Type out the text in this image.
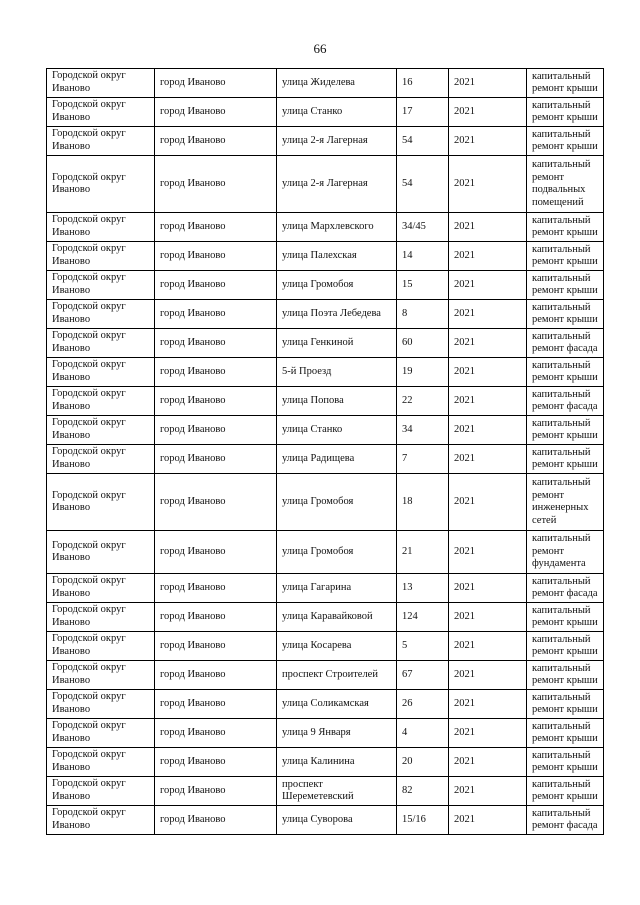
66
Городской округ Иваново	город Иваново	улица Жиделева	16	2021	капитальный ремонт крыши
Городской округ Иваново	город Иваново	улица Станко	17	2021	капитальный ремонт крыши
Городской округ Иваново	город Иваново	улица 2-я Лагерная	54	2021	капитальный ремонт крыши
Городской округ Иваново	город Иваново	улица 2-я Лагерная	54	2021	капитальный ремонт подвальных помещений
Городской округ Иваново	город Иваново	улица Мархлевского	34/45	2021	капитальный ремонт крыши
Городской округ Иваново	город Иваново	улица Палехская	14	2021	капитальный ремонт крыши
Городской округ Иваново	город Иваново	улица Громобоя	15	2021	капитальный ремонт крыши
Городской округ Иваново	город Иваново	улица Поэта Лебедева	8	2021	капитальный ремонт крыши
Городской округ Иваново	город Иваново	улица Генкиной	60	2021	капитальный ремонт фасада
Городской округ Иваново	город Иваново	5-й Проезд	19	2021	капитальный ремонт крыши
Городской округ Иваново	город Иваново	улица Попова	22	2021	капитальный ремонт фасада
Городской округ Иваново	город Иваново	улица Станко	34	2021	капитальный ремонт крыши
Городской округ Иваново	город Иваново	улица Радищева	7	2021	капитальный ремонт крыши
Городской округ Иваново	город Иваново	улица Громобоя	18	2021	капитальный ремонт инженерных сетей
Городской округ Иваново	город Иваново	улица Громобоя	21	2021	капитальный ремонт фундамента
Городской округ Иваново	город Иваново	улица Гагарина	13	2021	капитальный ремонт фасада
Городской округ Иваново	город Иваново	улица Каравайковой	124	2021	капитальный ремонт крыши
Городской округ Иваново	город Иваново	улица Косарева	5	2021	капитальный ремонт крыши
Городской округ Иваново	город Иваново	проспект Строителей	67	2021	капитальный ремонт крыши
Городской округ Иваново	город Иваново	улица Соликамская	26	2021	капитальный ремонт крыши
Городской округ Иваново	город Иваново	улица 9 Января	4	2021	капитальный ремонт крыши
Городской округ Иваново	город Иваново	улица Калинина	20	2021	капитальный ремонт крыши
Городской округ Иваново	город Иваново	проспект Шереметевский	82	2021	капитальный ремонт крыши
Городской округ Иваново	город Иваново	улица Суворова	15/16	2021	капитальный ремонт фасада
